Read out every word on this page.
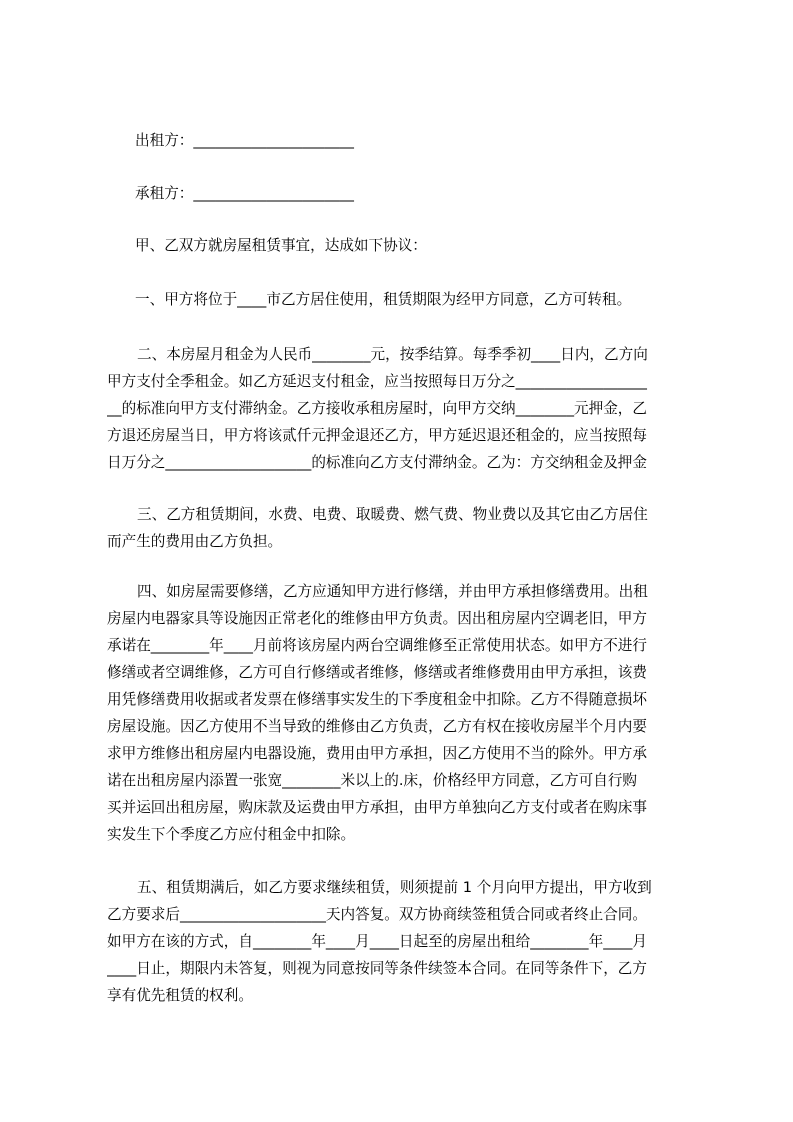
出租方：______________________
承租方：______________________
甲、乙双方就房屋租赁事宜，达成如下协议：
一、甲方将位于____市乙方居住使用，租赁期限为经甲方同意，乙方可转租。
二、本房屋月租金为人民币________元，按季结算。每季季初____日内，乙方向
甲方支付全季租金。如乙方延迟支付租金，应当按照每日万分之__________________
__的标准向甲方支付滞纳金。乙方接收承租房屋时，向甲方交纳________元押金，乙
方退还房屋当日，甲方将该贰仟元押金退还乙方，甲方延迟退还租金的，应当按照每
日万分之____________________的标准向乙方支付滞纳金。乙为：方交纳租金及押金
三、乙方租赁期间，水费、电费、取暖费、燃气费、物业费以及其它由乙方居住
而产生的费用由乙方负担。
四、如房屋需要修缮，乙方应通知甲方进行修缮，并由甲方承担修缮费用。出租
房屋内电器家具等设施因正常老化的维修由甲方负责。因出租房屋内空调老旧，甲方
承诺在________年____月前将该房屋内两台空调维修至正常使用状态。如甲方不进行
修缮或者空调维修，乙方可自行修缮或者维修，修缮或者维修费用由甲方承担，该费
用凭修缮费用收据或者发票在修缮事实发生的下季度租金中扣除。乙方不得随意损坏
房屋设施。因乙方使用不当导致的维修由乙方负责，乙方有权在接收房屋半个月内要
求甲方维修出租房屋内电器设施，费用由甲方承担，因乙方使用不当的除外。甲方承
诺在出租房屋内添置一张宽________米以上的.床，价格经甲方同意，乙方可自行购
买并运回出租房屋，购床款及运费由甲方承担，由甲方单独向乙方支付或者在购床事
实发生下个季度乙方应付租金中扣除。
五、租赁期满后，如乙方要求继续租赁，则须提前 1 个月向甲方提出，甲方收到
乙方要求后____________________天内答复。双方协商续签租赁合同或者终止合同。
如甲方在该的方式，自________年____月____日起至的房屋出租给________年____月
____日止，期限内未答复，则视为同意按同等条件续签本合同。在同等条件下，乙方
享有优先租赁的权利。
